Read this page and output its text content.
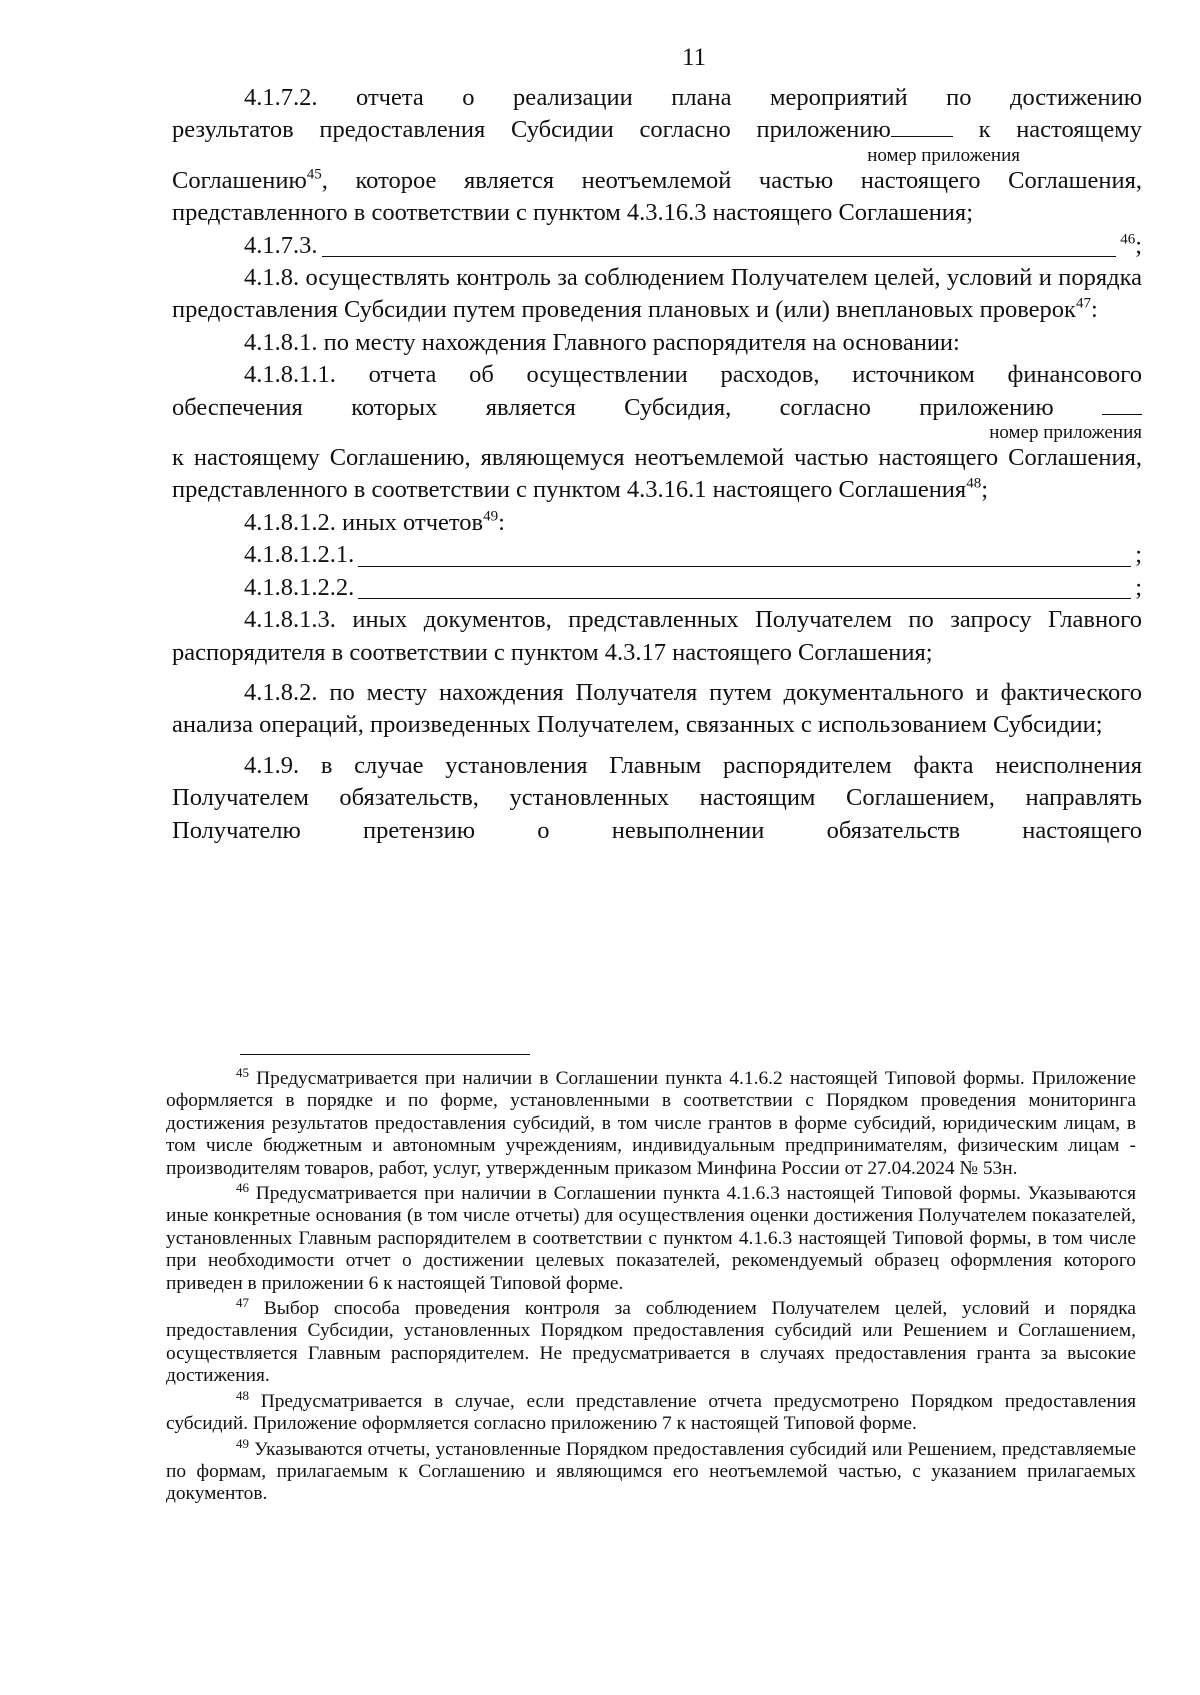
11

4.1.7.2. отчета о реализации плана мероприятий по достижению

результатов предоставления Субсидии согласно приложению	к настоящему

номер приложения

Соглашению$^{45}$, которое является неотъемлемой частью настоящего Соглашения, представленного в соответствии с пунктом 4.3.16.3 настоящего Соглашения;

4.1.7.3.	$^{46}$;

4.1.8. осуществлять контроль за соблюдением Получателем целей, условий и порядка предоставления Субсидии путем проведения плановых и (или) внеплановых проверок$^{47}$:

4.1.8.1. по месту нахождения Главного распорядителя на основании:

4.1.8.1.1. отчета об осуществлении расходов, источником финансового

обеспечения которых является Субсидия, согласно приложению

номер приложения

к настоящему Соглашению, являющемуся неотъемлемой частью настоящего Соглашения, представленного в соответствии с пунктом 4.3.16.1 настоящего Соглашения$^{48}$;

4.1.8.1.2. иных отчетов$^{49}$:

4.1.8.1.2.1.	;
4.1.8.1.2.2.	;

4.1.8.1.3. иных документов, представленных Получателем по запросу Главного распорядителя в соответствии с пунктом 4.3.17 настоящего Соглашения;

4.1.8.2. по месту нахождения Получателя путем документального и фактического анализа операций, произведенных Получателем, связанных с использованием Субсидии;

4.1.9. в случае установления Главным распорядителем факта неисполнения Получателем обязательств, установленных настоящим Соглашением, направлять Получателю претензию о невыполнении обязательств настоящего

$^{45}$ Предусматривается при наличии в Соглашении пункта 4.1.6.2 настоящей Типовой формы. Приложение оформляется в порядке и по форме, установленными в соответствии с Порядком проведения мониторинга достижения результатов предоставления субсидий, в том числе грантов в форме субсидий, юридическим лицам, в том числе бюджетным и автономным учреждениям, индивидуальным предпринимателям, физическим лицам - производителям товаров, работ, услуг, утвержденным приказом Минфина России от 27.04.2024 № 53н.

$^{46}$ Предусматривается при наличии в Соглашении пункта 4.1.6.3 настоящей Типовой формы. Указываются иные конкретные основания (в том числе отчеты) для осуществления оценки достижения Получателем показателей, установленных Главным распорядителем в соответствии с пунктом 4.1.6.3 настоящей Типовой формы, в том числе при необходимости отчет о достижении целевых показателей, рекомендуемый образец оформления которого приведен в приложении 6 к настоящей Типовой форме.

$^{47}$ Выбор способа проведения контроля за соблюдением Получателем целей, условий и порядка предоставления Субсидии, установленных Порядком предоставления субсидий или Решением и Соглашением, осуществляется Главным распорядителем. Не предусматривается в случаях предоставления гранта за высокие достижения.

$^{48}$ Предусматривается в случае, если представление отчета предусмотрено Порядком предоставления субсидий. Приложение оформляется согласно приложению 7 к настоящей Типовой форме.

$^{49}$ Указываются отчеты, установленные Порядком предоставления субсидий или Решением, представляемые по формам, прилагаемым к Соглашению и являющимся его неотъемлемой частью, с указанием прилагаемых документов.
